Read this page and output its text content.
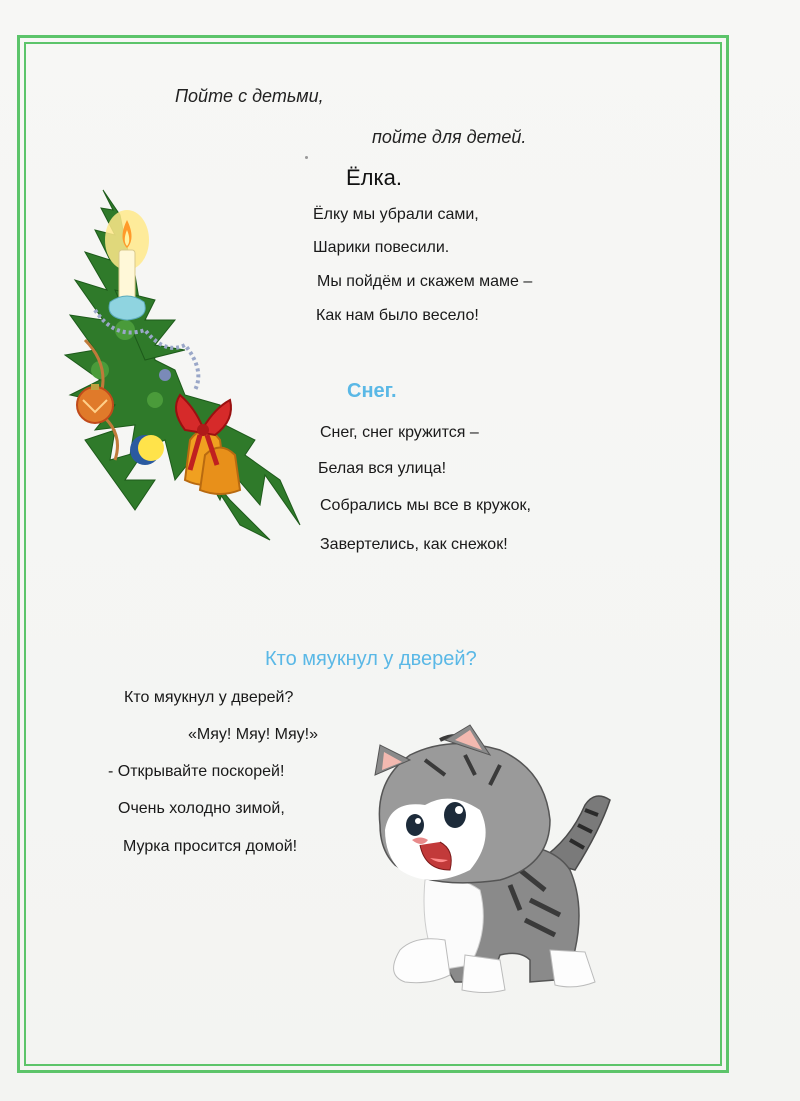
Пойте с детьми,
пойте для детей.
Ёлка.
Ёлку мы убрали сами,
Шарики повесили.
Мы пойдём и скажем маме –
Как нам было весело!
Снег.
Снег, снег кружится –
Белая вся улица!
Собрались мы все в кружок,
Завертелись, как снежок!
Кто мяукнул у дверей?
Кто мяукнул у дверей?
«Мяу! Мяу! Мяу!»
- Открывайте поскорей!
Очень холодно зимой,
Мурка просится домой!
